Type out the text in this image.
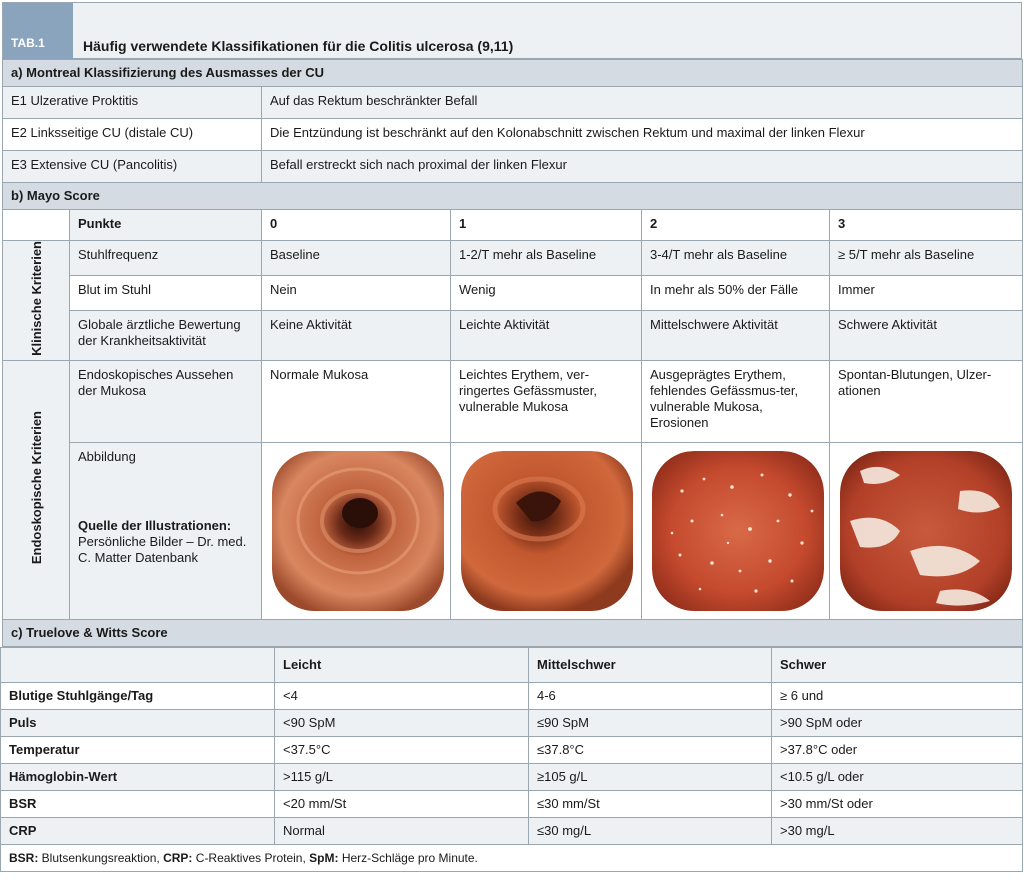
TAB.1	Häufig verwendete Klassifikationen für die Colitis ulcerosa (9,11)
a) Montreal Klassifizierung des Ausmasses der CU					
E1 Ulzerative Proktitis		Auf das Rektum beschränkter Befall			
E2 Linksseitige CU (distale CU)		Die Entzündung ist beschränkt auf den Kolonabschnitt zwischen Rektum und maximal der linken Flexur			
E3 Extensive CU (Pancolitis)		Befall erstreckt sich nach proximal der linken Flexur			
b) Mayo Score					
	Punkte	0	1	2	3
Klinische Kriterien	Stuhlfrequenz	Baseline	1-2/T mehr als Baseline	3-4/T mehr als Baseline	≥ 5/T mehr als Baseline
	Blut im Stuhl	Nein	Wenig	In mehr als 50% der Fälle	Immer
	Globale ärztliche Bewertung der Krankheitsaktivität	Keine Aktivität	Leichte Aktivität	Mittelschwere Aktivität	Schwere Aktivität
Endoskopische Kriterien	Endoskopisches Aussehen der Mukosa	Normale Mukosa	Leichtes Erythem, ver-ringertes Gefässmuster, vulnerable Mukosa	Ausgeprägtes Erythem, fehlendes Gefässmus-ter, vulnerable Mukosa, Erosionen	Spontan-Blutungen, Ulzer-ationen

	Abbildung
Quelle der Illustrationen:
Persönliche Bilder – Dr. med. C. Matter Datenbank

c) Truelove & Witts Score					
	Leicht	Mittelschwer	Schwer
Blutige Stuhlgänge/Tag	<4	4-6	≥ 6 und
Puls	<90 SpM	≤90 SpM	>90 SpM oder
Temperatur	<37.5°C	≤37.8°C	>37.8°C oder
Hämoglobin-Wert	>115 g/L	≥105 g/L	<10.5 g/L oder
BSR	<20 mm/St	≤30 mm/St	>30 mm/St oder
CRP	Normal	≤30 mg/L	>30 mg/L
BSR: Blutsenkungsreaktion, CRP: C-Reaktives Protein, SpM: Herz-Schläge pro Minute.			
